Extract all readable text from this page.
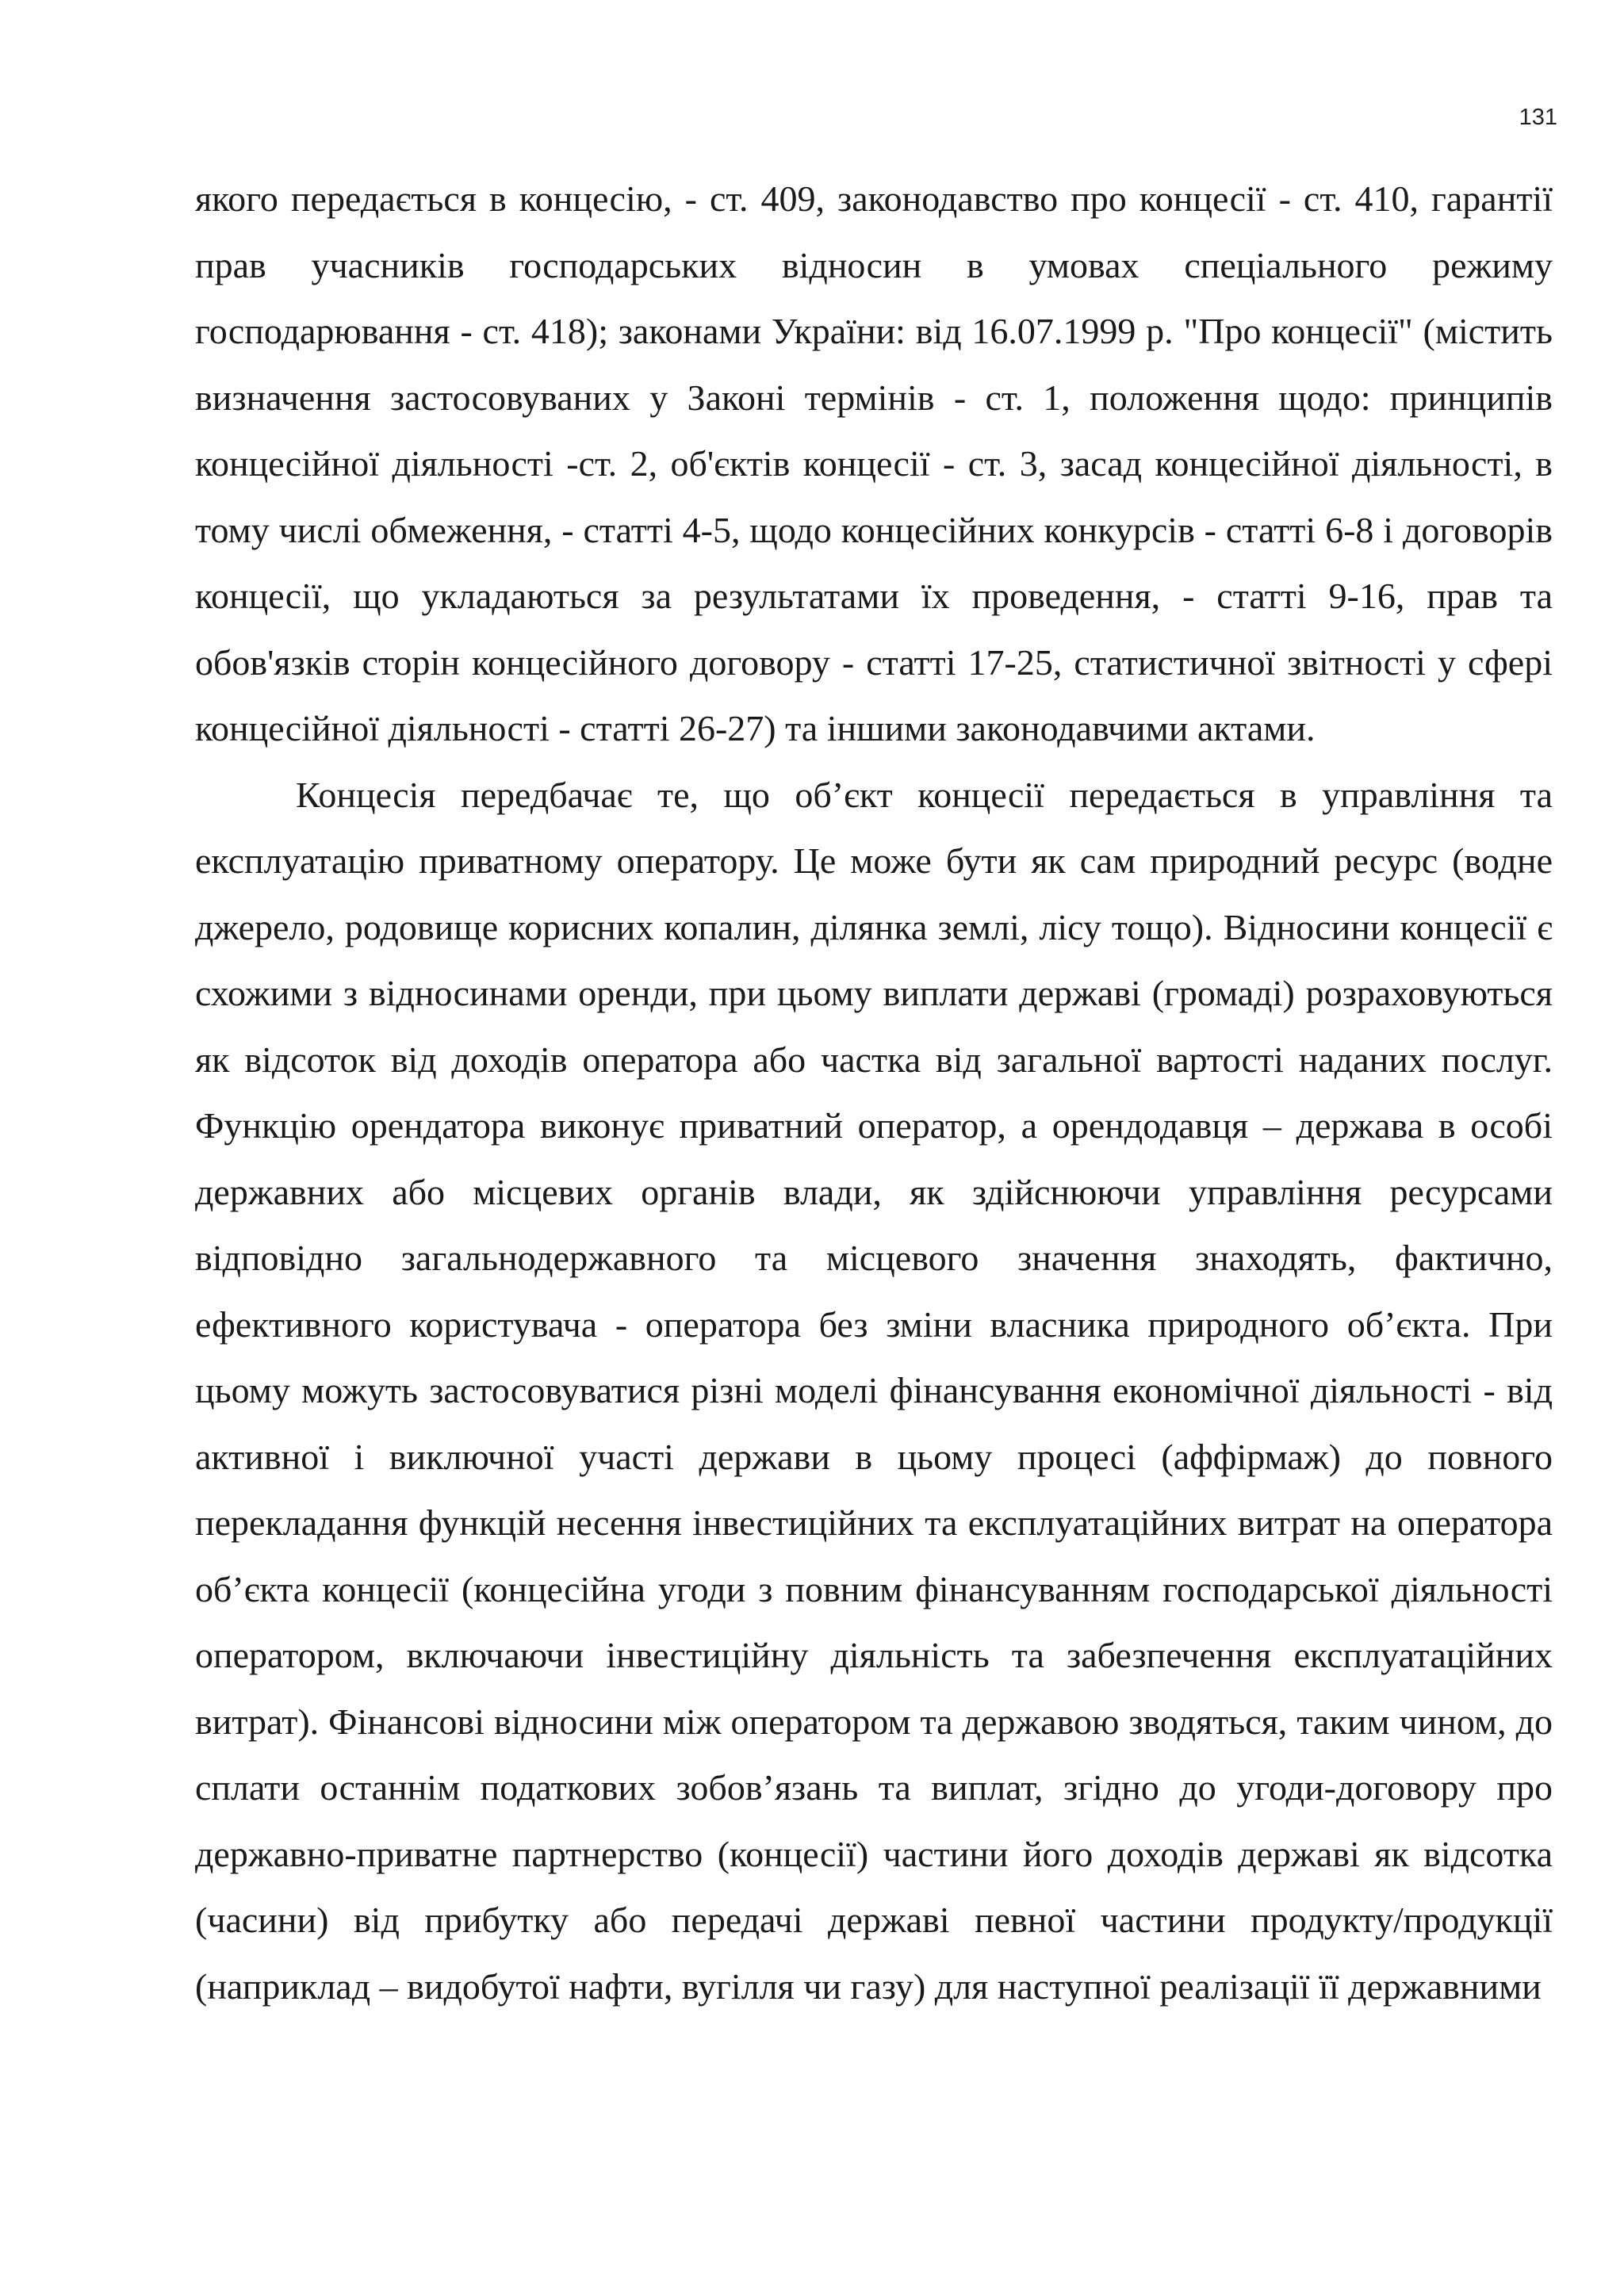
131

якого передається в концесію, - ст. 409, законодавство про концесії - ст. 410, гарантії прав учасників господарських відносин в умовах спеціального режиму господарювання - ст. 418); законами України: від 16.07.1999 р. "Про концесії" (містить визначення застосовуваних у Законі термінів - ст. 1, положення щодо: принципів концесійної діяльності -ст. 2, об'єктів концесії - ст. 3, засад концесійної діяльності, в тому числі обмеження, - статті 4-5, щодо концесійних конкурсів - статті 6-8 і договорів концесії, що укладаються за результатами їх проведення, - статті 9-16, прав та обов'язків сторін концесійного договору - статті 17-25, статистичної звітності у сфері концесійної діяльності - статті 26-27) та іншими законодавчими актами.

Концесія передбачає те, що об’єкт концесії передається в управління та експлуатацію приватному оператору. Це може бути як сам природний ресурс (водне джерело, родовище корисних копалин, ділянка землі, лісу тощо). Відносини концесії є схожими з відносинами оренди, при цьому виплати державі (громаді) розраховуються як відсоток від доходів оператора або частка від загальної вартості наданих послуг. Функцію орендатора виконує приватний оператор, а орендодавця – держава в особі державних або місцевих органів влади, як здійснюючи управління ресурсами відповідно загальнодержавного та місцевого значення знаходять, фактично, ефективного користувача - оператора без зміни власника природного об’єкта. При цьому можуть застосовуватися різні моделі фінансування економічної діяльності - від активної і виключної участі держави в цьому процесі (аффірмаж) до повного перекладання функцій несення інвестиційних та експлуатаційних витрат на оператора об’єкта концесії (концесійна угоди з повним фінансуванням господарської діяльності оператором, включаючи інвестиційну діяльність та забезпечення експлуатаційних витрат). Фінансові відносини між оператором та державою зводяться, таким чином, до сплати останнім податкових зобов’язань та виплат, згідно до угоди-договору про державно-приватне партнерство (концесії) частини його доходів державі як відсотка (часини) від прибутку або передачі державі певної частини продукту/продукції (наприклад – видобутої нафти, вугілля чи газу) для наступної реалізації її державними
